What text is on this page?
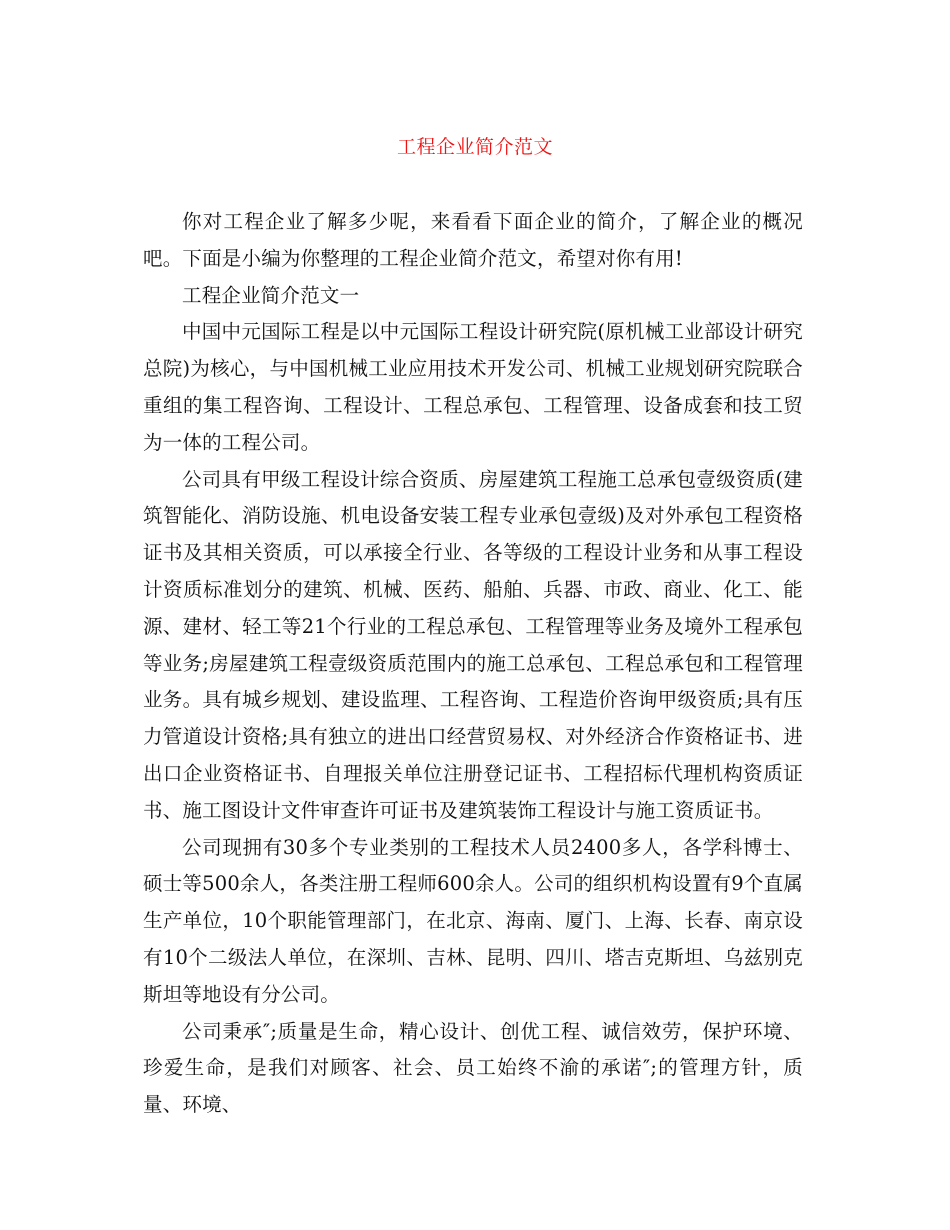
工程企业简介范文

你对工程企业了解多少呢，来看看下面企业的简介，了解企业的概况吧。下面是小编为你整理的工程企业简介范文，希望对你有用!

工程企业简介范文一

中国中元国际工程是以中元国际工程设计研究院(原机械工业部设计研究总院)为核心，与中国机械工业应用技术开发公司、机械工业规划研究院联合重组的集工程咨询、工程设计、工程总承包、工程管理、设备成套和技工贸为一体的工程公司。

公司具有甲级工程设计综合资质、房屋建筑工程施工总承包壹级资质(建筑智能化、消防设施、机电设备安装工程专业承包壹级)及对外承包工程资格证书及其相关资质，可以承接全行业、各等级的工程设计业务和从事工程设计资质标准划分的建筑、机械、医药、船舶、兵器、市政、商业、化工、能源、建材、轻工等21个行业的工程总承包、工程管理等业务及境外工程承包等业务;房屋建筑工程壹级资质范围内的施工总承包、工程总承包和工程管理业务。具有城乡规划、建设监理、工程咨询、工程造价咨询甲级资质;具有压力管道设计资格;具有独立的进出口经营贸易权、对外经济合作资格证书、进出口企业资格证书、自理报关单位注册登记证书、工程招标代理机构资质证书、施工图设计文件审查许可证书及建筑装饰工程设计与施工资质证书。

公司现拥有30多个专业类别的工程技术人员2400多人，各学科博士、硕士等500余人，各类注册工程师600余人。公司的组织机构设置有9个直属生产单位，10个职能管理部门，在北京、海南、厦门、上海、长春、南京设有10个二级法人单位，在深圳、吉林、昆明、四川、塔吉克斯坦、乌兹别克斯坦等地设有分公司。

公司秉承″;质量是生命，精心设计、创优工程、诚信效劳，保护环境、珍爱生命，是我们对顾客、社会、员工始终不渝的承诺″;的管理方针，质量、环境、
